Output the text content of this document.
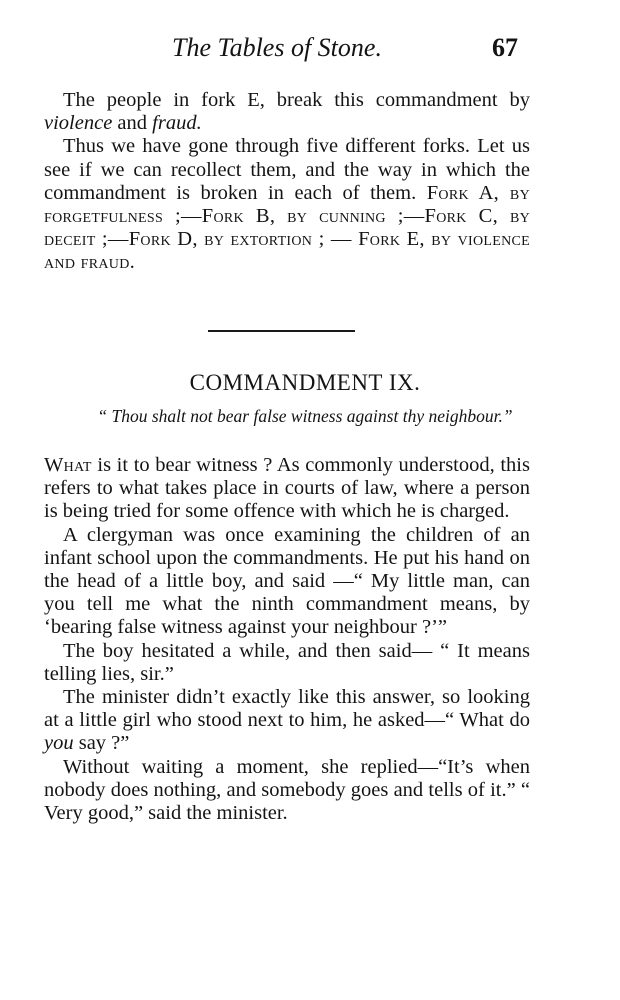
The Tables of Stone.	67

The people in fork E, break this commandment by violence and fraud.

Thus we have gone through five different forks. Let us see if we can recollect them, and the way in which the commandment is broken in each of them. Fork A, by forgetfulness ;—Fork B, by cunning ;—Fork C, by deceit ;—Fork D, by extortion ; — Fork E, by violence and fraud.

COMMANDMENT IX.
“ Thou shalt not bear false witness against thy neighbour.”

What is it to bear witness ? As commonly understood, this refers to what takes place in courts of law, where a person is being tried for some offence with which he is charged.

A clergyman was once examining the children of an infant school upon the commandments. He put his hand on the head of a little boy, and said —“ My little man, can you tell me what the ninth commandment means, by ‘bearing false witness against your neighbour ?’”

The boy hesitated a while, and then said— “ It means telling lies, sir.”

The minister didn’t exactly like this answer, so looking at a little girl who stood next to him, he asked—“ What do you say ?”

Without waiting a moment, she replied—“It’s when nobody does nothing, and somebody goes and tells of it.” “ Very good,” said the minister.
